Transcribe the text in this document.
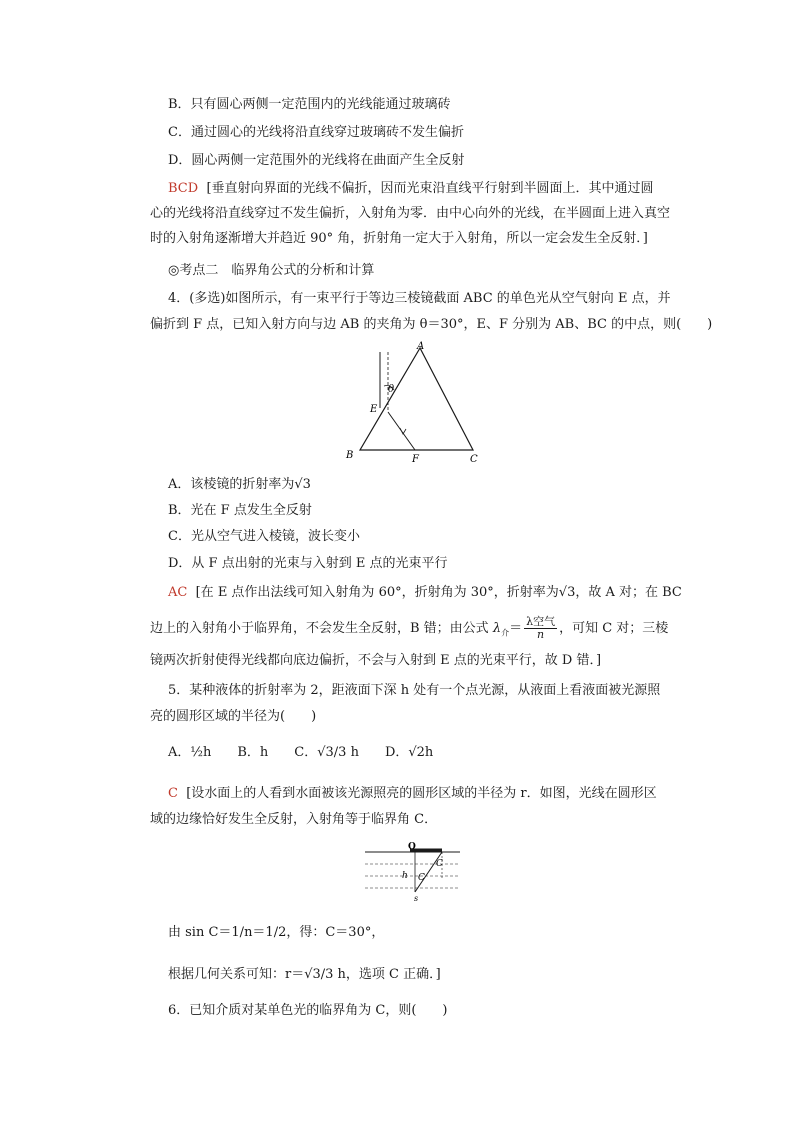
B．只有圆心两侧一定范围内的光线能通过玻璃砖
C．通过圆心的光线将沿直线穿过玻璃砖不发生偏折
D．圆心两侧一定范围外的光线将在曲面产生全反射
BCD [垂直射向界面的光线不偏折，因而光束沿直线平行射到半圆面上．其中通过圆
心的光线将沿直线穿过不发生偏折，入射角为零．由中心向外的光线，在半圆面上进入真空
时的入射角逐渐增大并趋近 90° 角，折射角一定大于入射角，所以一定会发生全反射．]
◎考点二　临界角公式的分析和计算
4．(多选)如图所示，有一束平行于等边三棱镜截面 ABC 的单色光从空气射向 E 点，并
偏折到 F 点，已知入射方向与边 AB 的夹角为 θ＝30°，E、F 分别为 AB、BC 的中点，则(　　)
θ
A
B	C
E
F
A．该棱镜的折射率为√3
B．光在 F 点发生全反射
C．光从空气进入棱镜，波长变小
D．从 F 点出射的光束与入射到 E 点的光束平行
AC [在 E 点作出法线可知入射角为 60°，折射角为 30°，折射率为√3，故 A 对；在 BC
边上的入射角小于临界角，不会发生全反射，B 错；由公式 $\lambda_介= \frac{\text{λ空气}}{n}$ ，可知 C 对；三棱
镜两次折射使得光线都向底边偏折，不会与入射到 E 点的光束平行，故 D 错．]
5．某种液体的折射率为 2，距液面下深 h 处有一个点光源，从液面上看液面被光源照
亮的圆形区域的半径为(　　)
A．½h　　B．h　　C．√3/3 h　　D．√2h
C [设水面上的人看到水面被该光源照亮的圆形区域的半径为 r．如图，光线在圆形区
域的边缘恰好发生全反射，入射角等于临界角 C．
O
h C
C
s
由 sin C＝1/n＝1/2，得：C＝30°，
根据几何关系可知：r＝√3/3 h，选项 C 正确．]
6．已知介质对某单色光的临界角为 C，则(　　)
